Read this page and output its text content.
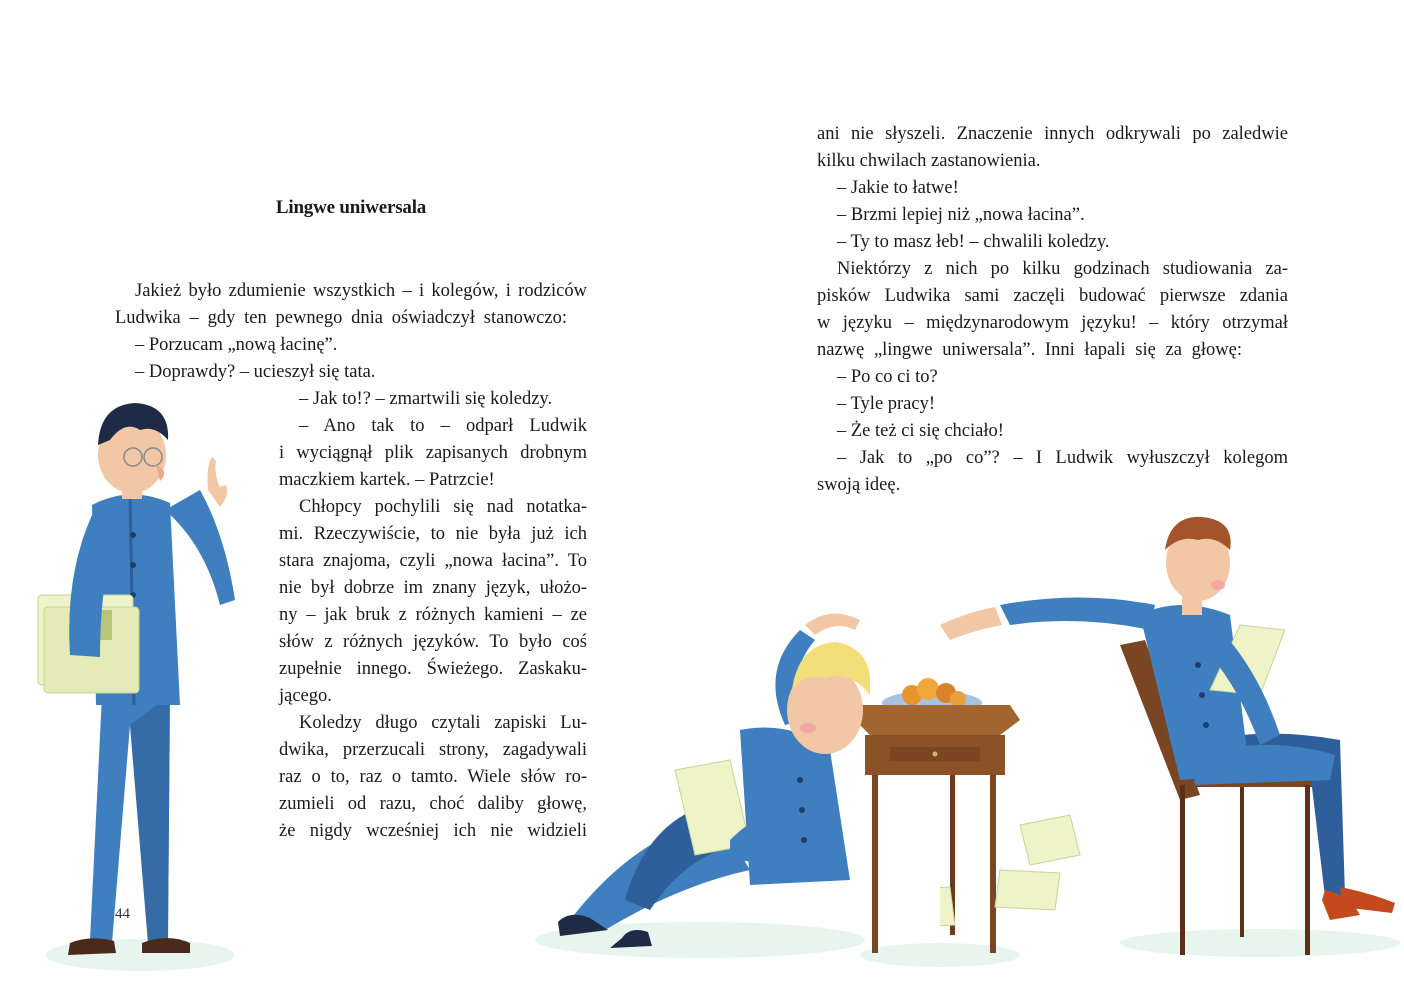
Lingwe uniwersala
Jakież było zdumienie wszystkich – i kolegów, i rodziców
Ludwika – gdy ten pewnego dnia oświadczył stanowczo:
– Porzucam „nową łacinę”.
– Doprawdy? – ucieszył się tata.
– Jak to!? – zmartwili się koledzy.
– Ano tak to – odparł Ludwik
i wyciągnął plik zapisanych drobnym
maczkiem kartek. – Patrzcie!
Chłopcy pochylili się nad notatka-
mi. Rzeczywiście, to nie była już ich
stara znajoma, czyli „nowa łacina”. To
nie był dobrze im znany język, ułożo-
ny – jak bruk z różnych kamieni – ze
słów z różnych języków. To było coś
zupełnie innego. Świeżego. Zaskaku-
jącego.
Koledzy długo czytali zapiski Lu-
dwika, przerzucali strony, zagadywali
raz o to, raz o tamto. Wiele słów ro-
zumieli od razu, choć daliby głowę,
że nigdy wcześniej ich nie widzieli
44
ani nie słyszeli. Znaczenie innych odkrywali po zaledwie
kilku chwilach zastanowienia.
– Jakie to łatwe!
– Brzmi lepiej niż „nowa łacina”.
– Ty to masz łeb! – chwalili koledzy.
Niektórzy z nich po kilku godzinach studiowania za-
pisków Ludwika sami zaczęli budować pierwsze zdania
w języku – międzynarodowym języku! – który otrzymał
nazwę „lingwe uniwersala”. Inni łapali się za głowę:
– Po co ci to?
– Tyle pracy!
– Że też ci się chciało!
– Jak to „po co”? – I Ludwik wyłuszczył kolegom
swoją ideę.
